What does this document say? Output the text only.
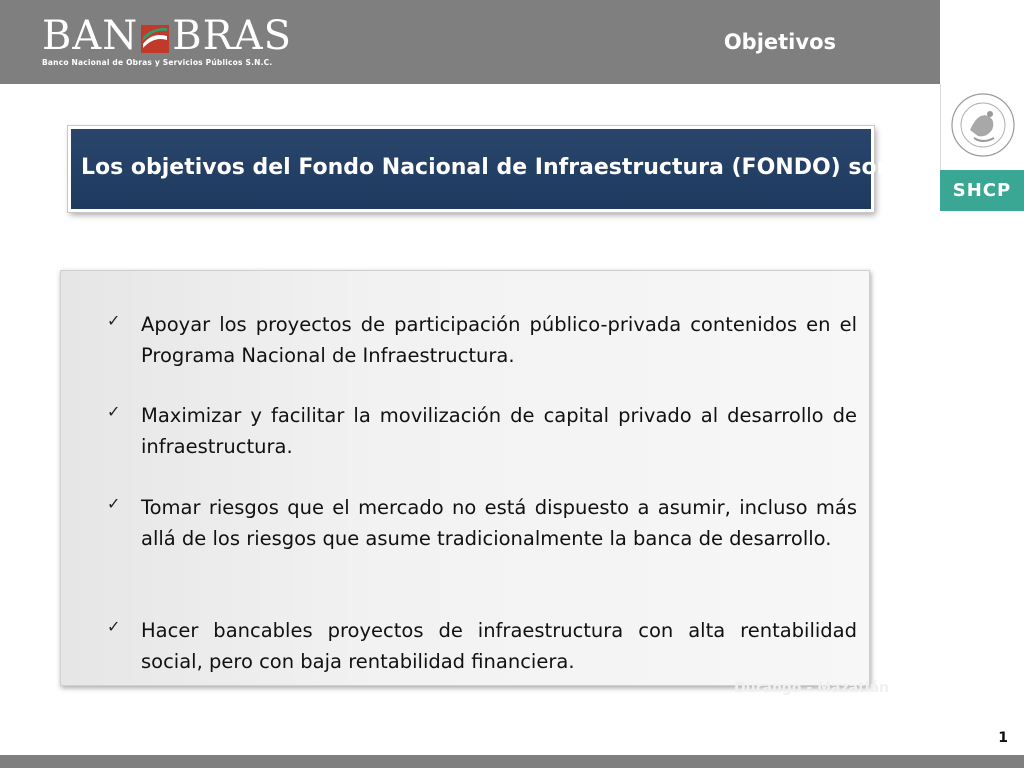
BAN BRAS
Banco Nacional de Obras y Servicios Públicos S.N.C.
Objetivos
SHCP
Los objetivos del Fondo Nacional de Infraestructura (FONDO) son:
✓	Apoyar los proyectos de participación público-privada contenidos en el Programa Nacional de Infraestructura.
✓	Maximizar y facilitar la movilización de capital privado al desarrollo de infraestructura.
✓	Tomar riesgos que el mercado no está dispuesto a asumir, incluso más allá de los riesgos que asume tradicionalmente la banca de desarrollo.
✓	Hacer bancables proyectos de infraestructura con alta rentabilidad social, pero con baja rentabilidad financiera.
Durango - Mazatlán
1
